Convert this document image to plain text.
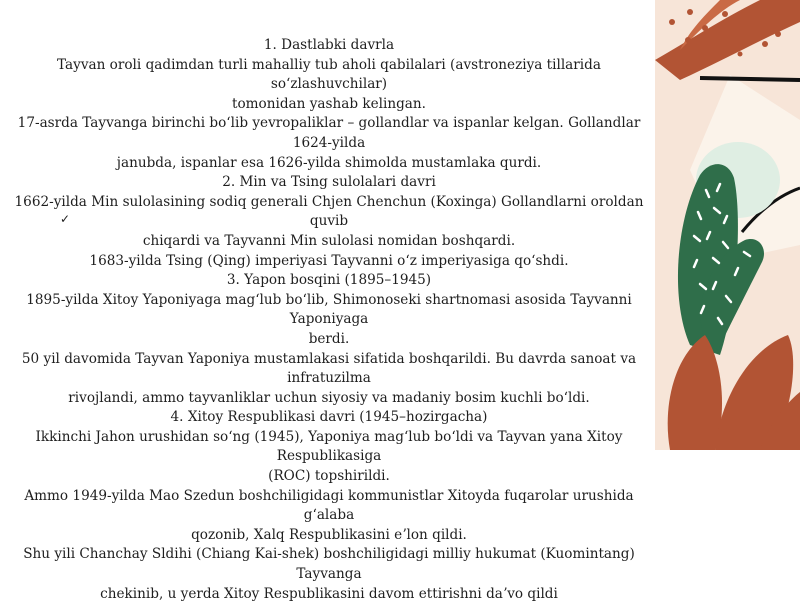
✓

1. Dastlabki davrla

Tayvan oroli qadimdan turli mahalliy tub aholi qabilalari (avstroneziya tillarida soʻzlashuvchilar)

tomonidan yashab kelingan.

17-asrda Tayvanga birinchi boʻlib yevropaliklar – gollandlar va ispanlar kelgan. Gollandlar 1624-yilda

janubda, ispanlar esa 1626-yilda shimolda mustamlaka qurdi.

2. Min va Tsing sulolalari davri

1662-yilda Min sulolasining sodiq generali Chjen Chenchun (Koxinga) Gollandlarni oroldan quvib

chiqardi va Tayvanni Min sulolasi nomidan boshqardi.

1683-yilda Tsing (Qing) imperiyasi Tayvanni oʻz imperiyasiga qoʻshdi.

3. Yapon bosqini (1895–1945)

1895-yilda Xitoy Yaponiyaga magʻlub boʻlib, Shimonoseki shartnomasi asosida Tayvanni Yaponiyaga

berdi.

50 yil davomida Tayvan Yaponiya mustamlakasi sifatida boshqarildi. Bu davrda sanoat va infratuzilma

rivojlandi, ammo tayvanliklar uchun siyosiy va madaniy bosim kuchli boʻldi.

4. Xitoy Respublikasi davri (1945–hozirgacha)

Ikkinchi Jahon urushidan soʻng (1945), Yaponiya magʻlub boʻldi va Tayvan yana Xitoy Respublikasiga

(ROC) topshirildi.

Ammo 1949-yilda Mao Szedun boshchiligidagi kommunistlar Xitoyda fuqarolar urushida gʻalaba

qozonib, Xalq Respublikasini eʼlon qildi.

Shu yili Chanchay Sldihi (Chiang Kai-shek) boshchiligidagi milliy hukumat (Kuomintang) Tayvanga

chekinib, u yerda Xitoy Respublikasini davom ettirishni daʼvo qildi
